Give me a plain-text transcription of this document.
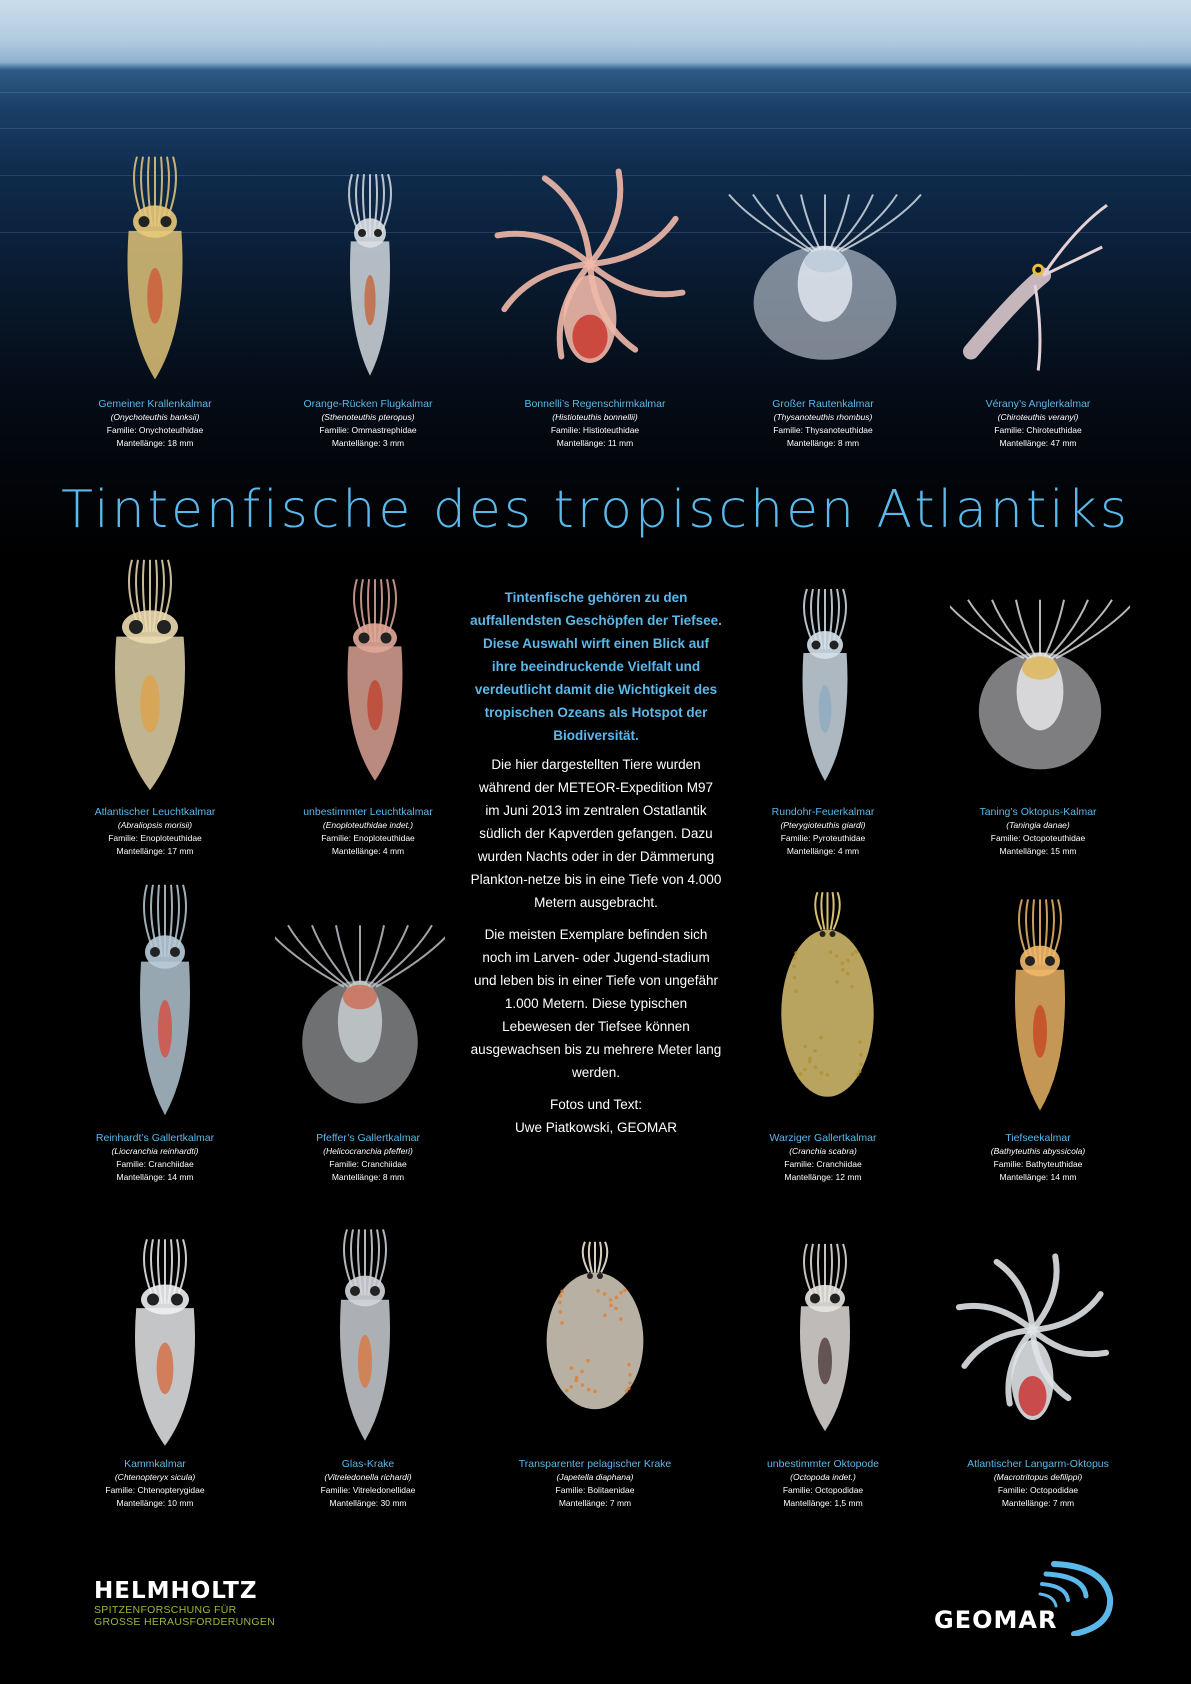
Gemeiner Krallenkalmar
(Onychoteuthis banksii)
Familie: Onychoteuthidae
Mantellänge: 18 mm
Orange-Rücken Flugkalmar
(Sthenoteuthis pteropus)
Familie: Ommastrephidae
Mantellänge: 3 mm
Bonnelli’s Regenschirmkalmar
(Histioteuthis bonnellii)
Familie: Histioteuthidae
Mantellänge: 11 mm
Großer Rautenkalmar
(Thysanoteuthis rhombus)
Familie: Thysanoteuthidae
Mantellänge: 8 mm
Vérany’s Anglerkalmar
(Chiroteuthis veranyi)
Familie: Chiroteuthidae
Mantellänge: 47 mm
Tintenfische des tropischen Atlantiks
Atlantischer Leuchtkalmar
(Abraliopsis morisii)
Familie: Enoploteuthidae
Mantellänge: 17 mm
unbestimmter Leuchtkalmar
(Enoploteuthidae indet.)
Familie: Enoploteuthidae
Mantellänge: 4 mm
Rundohr-Feuerkalmar
(Pterygioteuthis giardi)
Familie: Pyroteuthidae
Mantellänge: 4 mm
Taning’s Oktopus-Kalmar
(Taningia danae)
Familie: Octopoteuthidae
Mantellänge: 15 mm

Tintenfische gehören zu den auffallendsten Geschöpfen der Tiefsee. Diese Auswahl wirft einen Blick auf ihre beeindruckende Vielfalt und verdeutlicht damit die Wichtigkeit des tropischen Ozeans als Hotspot der Biodiversität.

Die hier dargestellten Tiere wurden während der METEOR-Expedition M97 im Juni 2013 im zentralen Ostatlantik südlich der Kapverden gefangen. Dazu wurden Nachts oder in der Dämmerung Plankton-netze bis in eine Tiefe von 4.000 Metern ausgebracht.

Die meisten Exemplare befinden sich noch im Larven- oder Jugend-stadium und leben bis in einer Tiefe von ungefähr 1.000 Metern. Diese typischen Lebewesen der Tiefsee können ausgewachsen bis zu mehrere Meter lang werden.

Fotos und Text:
Uwe Piatkowski, GEOMAR

Reinhardt’s Gallertkalmar
(Liocranchia reinhardti)
Familie: Cranchiidae
Mantellänge: 14 mm
Pfeffer’s Gallertkalmar
(Helicocranchia pfefferi)
Familie: Cranchiidae
Mantellänge: 8 mm
Warziger Gallertkalmar
(Cranchia scabra)
Familie: Cranchiidae
Mantellänge: 12 mm
Tiefseekalmar
(Bathyteuthis abyssicola)
Familie: Bathyteuthidae
Mantellänge: 14 mm
Kammkalmar
(Chtenopteryx sicula)
Familie: Chtenopterygidae
Mantellänge: 10 mm
Glas-Krake
(Vitreledonella richardi)
Familie: Vitreledonellidae
Mantellänge: 30 mm
Transparenter pelagischer Krake
(Japetella diaphana)
Familie: Bolitaenidae
Mantellänge: 7 mm
unbestimmter Oktopode
(Octopoda indet.)
Familie: Octopodidae
Mantellänge: 1,5 mm
Atlantischer Langarm-Oktopus
(Macrotritopus defilippi)
Familie: Octopodidae
Mantellänge: 7 mm
HELMHOLTZ
SPITZENFORSCHUNG FÜR
GROSSE HERAUSFORDERUNGEN	GEOMAR
